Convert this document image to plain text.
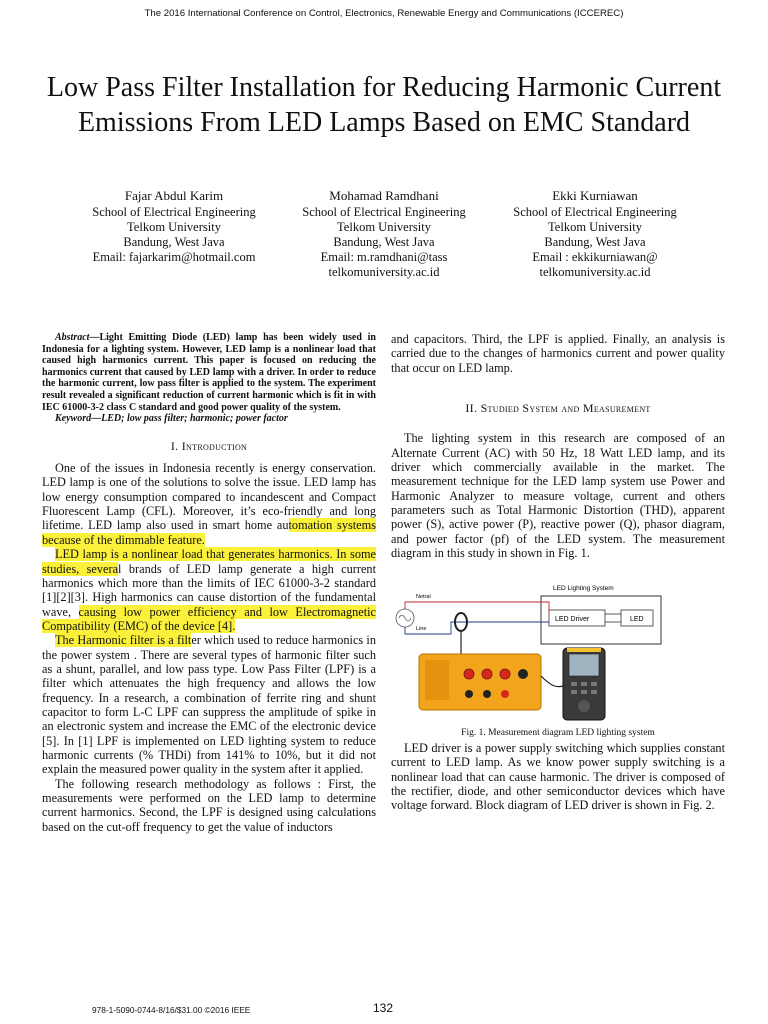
The 2016 International Conference on Control, Electronics, Renewable Energy and Communications (ICCEREC)
Low Pass Filter Installation for Reducing Harmonic Current Emissions From LED Lamps Based on EMC Standard
Fajar Abdul Karim
School of Electrical Engineering
Telkom University
Bandung, West Java
Email: fajarkarim@hotmail.com
Mohamad Ramdhani
School of Electrical Engineering
Telkom University
Bandung, West Java
Email: m.ramdhani@tass
telkomuniversity.ac.id
Ekki Kurniawan
School of Electrical Engineering
Telkom University
Bandung, West Java
Email : ekkikurniawan@
telkomuniversity.ac.id

Abstract—Light Emitting Diode (LED) lamp has been widely used in Indonesia for a lighting system. However, LED lamp is a nonlinear load that caused high harmonics current. This paper is focused on reducing the harmonics current that caused by LED lamp with a driver. In order to reduce the harmonic current, low pass filter is applied to the system. The experiment result revealed a significant reduction of current harmonic which is fit in with IEC 61000-3-2 class C standard and good power quality of the system.

Keyword—LED; low pass filter; harmonic; power factor

I. Introduction

One of the issues in Indonesia recently is energy conservation. LED lamp is one of the solutions to solve the issue. LED lamp has low energy consumption compared to incandescent and Compact Fluorescent Lamp (CFL). Moreover, it’s eco-friendly and long lifetime. LED lamp also used in smart home automation systems because of the dimmable feature.

LED lamp is a nonlinear load that generates harmonics. In some studies, several brands of LED lamp generate a high current harmonics which more than the limits of IEC 61000-3-2 standard [1][2][3]. High harmonics can cause distortion of the fundamental wave, causing low power efficiency and low Electromagnetic Compatibility (EMC) of the device [4].

The Harmonic filter is a filter which used to reduce harmonics in the power system . There are several types of harmonic filter such as a shunt, parallel, and low pass type. Low Pass Filter (LPF) is a filter which attenuates the high frequency and allows the low frequency. In a research, a combination of ferrite ring and shunt capacitor to form L-C LPF can suppress the amplitude of spike in an electronic system and increase the EMC of the electronic device [5]. In [1] LPF is implemented on LED lighting system to reduce harmonic currents (% THDi) from 141% to 10%, but it did not explain the measured power quality in the system after it applied.

The following research methodology as follows : First, the measurements were performed on the LED lamp to determine current harmonics. Second, the LPF is designed using calculations based on the cut-off frequency to get the value of inductors

and capacitors. Third, the LPF is applied. Finally, an analysis is carried due to the changes of harmonics current and power quality that occur on LED lamp.

II. Studied System and Measurement

The lighting system in this research are composed of an Alternate Current (AC) with 50 Hz, 18 Watt LED lamp, and its driver which commercially available in the market. The measurement technique for the LED lamp system use Power and Harmonic Analyzer to measure voltage, current and others parameters such as Total Harmonic Distortion (THD), apparent power (S), active power (P), reactive power (Q), phasor diagram, and power factor (pf) of the LED system. The measurement diagram in this study in shown in Fig. 1.

LED Lighting System
LED Driver	LED
Netral
Line

Fig. 1. Measurement diagram LED lighting system

LED driver is a power supply switching which supplies constant current to LED lamp. As we know power supply switching is a nonlinear load that can cause harmonic. The driver is composed of the rectifier, diode, and other semiconductor devices which have voltage forward. Block diagram of LED driver is shown in Fig. 2.

978-1-5090-0744-8/16/$31.00 ©2016 IEEE	132
